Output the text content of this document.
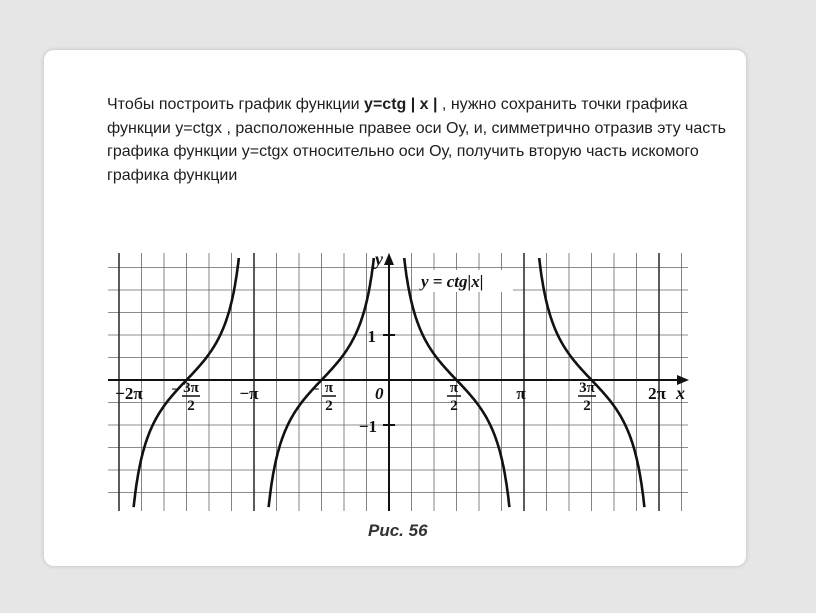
Чтобы построить график функции y=ctg | x | , нужно сохранить точки графика функции y=ctgx , расположенные правее оси Оу, и, симметрично отразив эту часть графика функции y=ctgx относительно оси Оу, получить вторую часть искомого графика функции
y = ctg|x|
x
y
0
1
−1
−2π − 3π
2
−π	− π
2
π
2
π	3π
2
2π
Рис. 56
